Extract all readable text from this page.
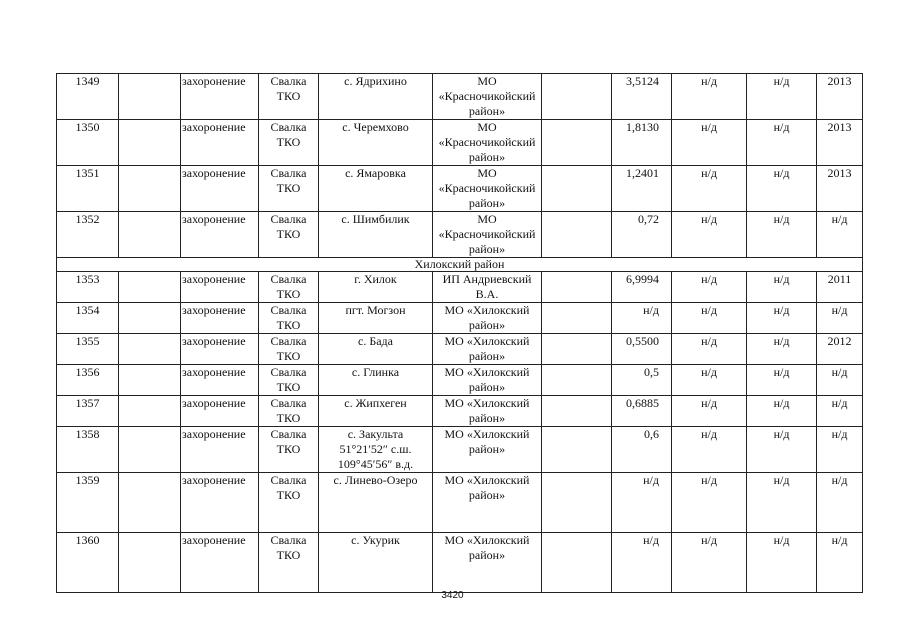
1349		захоронение	Свалка
ТКО	с. Ядрихино	МО
«Красночикойский
район»		3,5124	н/д	н/д	2013
1350		захоронение	Свалка
ТКО	с. Черемхово	МО
«Красночикойский
район»		1,8130	н/д	н/д	2013
1351		захоронение	Свалка
ТКО	с. Ямаровка	МО
«Красночикойский
район»		1,2401	н/д	н/д	2013
1352		захоронение	Свалка
ТКО	с. Шимбилик	МО
«Красночикойский
район»		0,72	н/д	н/д	н/д
Хилокский район										
1353		захоронение	Свалка
ТКО	г. Хилок	ИП Андриевский
В.А.		6,9994	н/д	н/д	2011
1354		захоронение	Свалка
ТКО	пгт. Могзон	МО «Хилокский
район»		н/д	н/д	н/д	н/д
1355		захоронение	Свалка
ТКО	с. Бада	МО «Хилокский
район»		0,5500	н/д	н/д	2012
1356		захоронение	Свалка
ТКО	с. Глинка	МО «Хилокский
район»		0,5	н/д	н/д	н/д
1357		захоронение	Свалка
ТКО	с. Жипхеген	МО «Хилокский
район»		0,6885	н/д	н/д	н/д
1358		захоронение	Свалка
ТКО	с. Закульта
51°21′52″ с.ш.
109°45′56″ в.д.	МО «Хилокский
район»		0,6	н/д	н/д	н/д
1359		захоронение	Свалка
ТКО	с. Линево-Озеро	МО «Хилокский
район»		н/д	н/д	н/д	н/д
1360		захоронение	Свалка
ТКО	с. Укурик	МО «Хилокский
район»		н/д	н/д	н/д	н/д
3420
